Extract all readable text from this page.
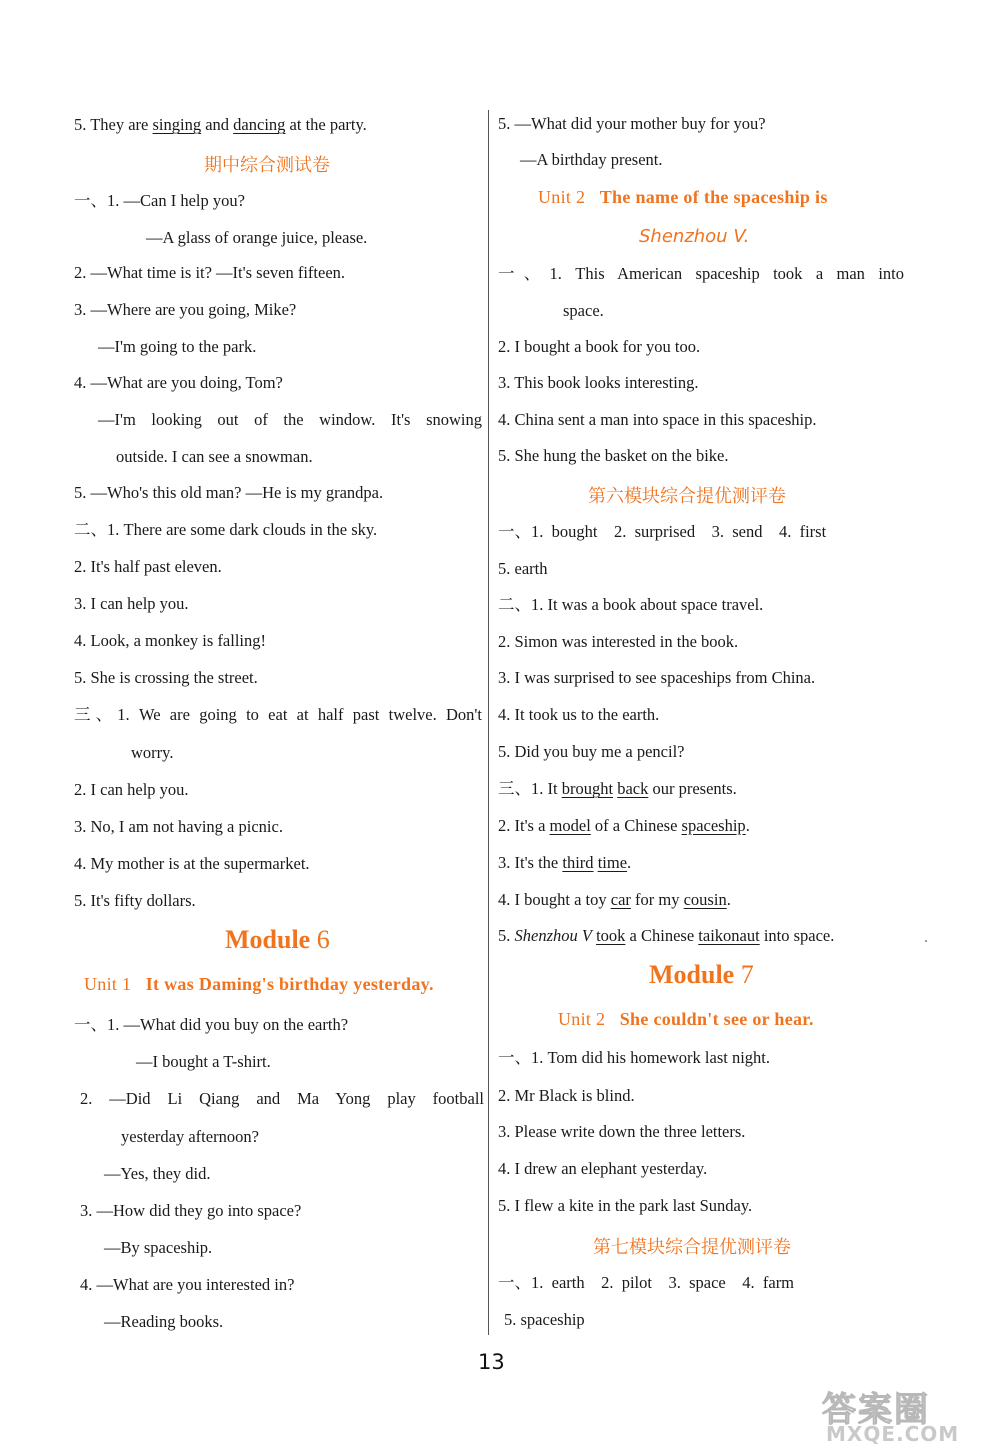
5. They are singing and dancing at the party.
期中综合测试卷
一、1. —Can I help you?
—A glass of orange juice, please.
2. —What time is it? —It's seven fifteen.
3. —Where are you going, Mike?
—I'm going to the park.
4. —What are you doing, Tom?
—I'm looking out of the window. It's snowing
outside. I can see a snowman.
5. —Who's this old man? —He is my grandpa.
二、1. There are some dark clouds in the sky.
2. It's half past eleven.
3. I can help you.
4. Look, a monkey is falling!
5. She is crossing the street.
三、1. We are going to eat at half past twelve. Don't
worry.
2. I can help you.
3. No, I am not having a picnic.
4. My mother is at the supermarket.
5. It's fifty dollars.
Module 6
Unit 1 It was Daming's birthday yesterday.
一、1. —What did you buy on the earth?
—I bought a T-shirt.
2. —Did Li Qiang and Ma Yong play football
yesterday afternoon?
—Yes, they did.
3. —How did they go into space?
—By spaceship.
4. —What are you interested in?
—Reading books.
5. —What did your mother buy for you?
—A birthday present.
Unit 2 The name of the spaceship is
Shenzhou V.
一、1. This American spaceship took a man into
space.
2. I bought a book for you too.
3. This book looks interesting.
4. China sent a man into space in this spaceship.
5. She hung the basket on the bike.
第六模块综合提优测评卷
一、1.  bought    2.  surprised    3.  send    4.  first
5. earth
二、1. It was a book about space travel.
2. Simon was interested in the book.
3. I was surprised to see spaceships from China.
4. It took us to the earth.
5. Did you buy me a pencil?
三、1. It brought back our presents.
2. It's a model of a Chinese spaceship.
3. It's the third time.
4. I bought a toy car for my cousin.
5. Shenzhou V took a Chinese taikonaut into space.
Module 7
Unit 2 She couldn't see or hear.
一、1. Tom did his homework last night.
2. Mr Black is blind.
3. Please write down the three letters.
4. I drew an elephant yesterday.
5. I flew a kite in the park last Sunday.
第七模块综合提优测评卷
一、1.  earth    2.  pilot    3.  space    4.  farm
5. spaceship
13
答案圈
MXQE.COM
